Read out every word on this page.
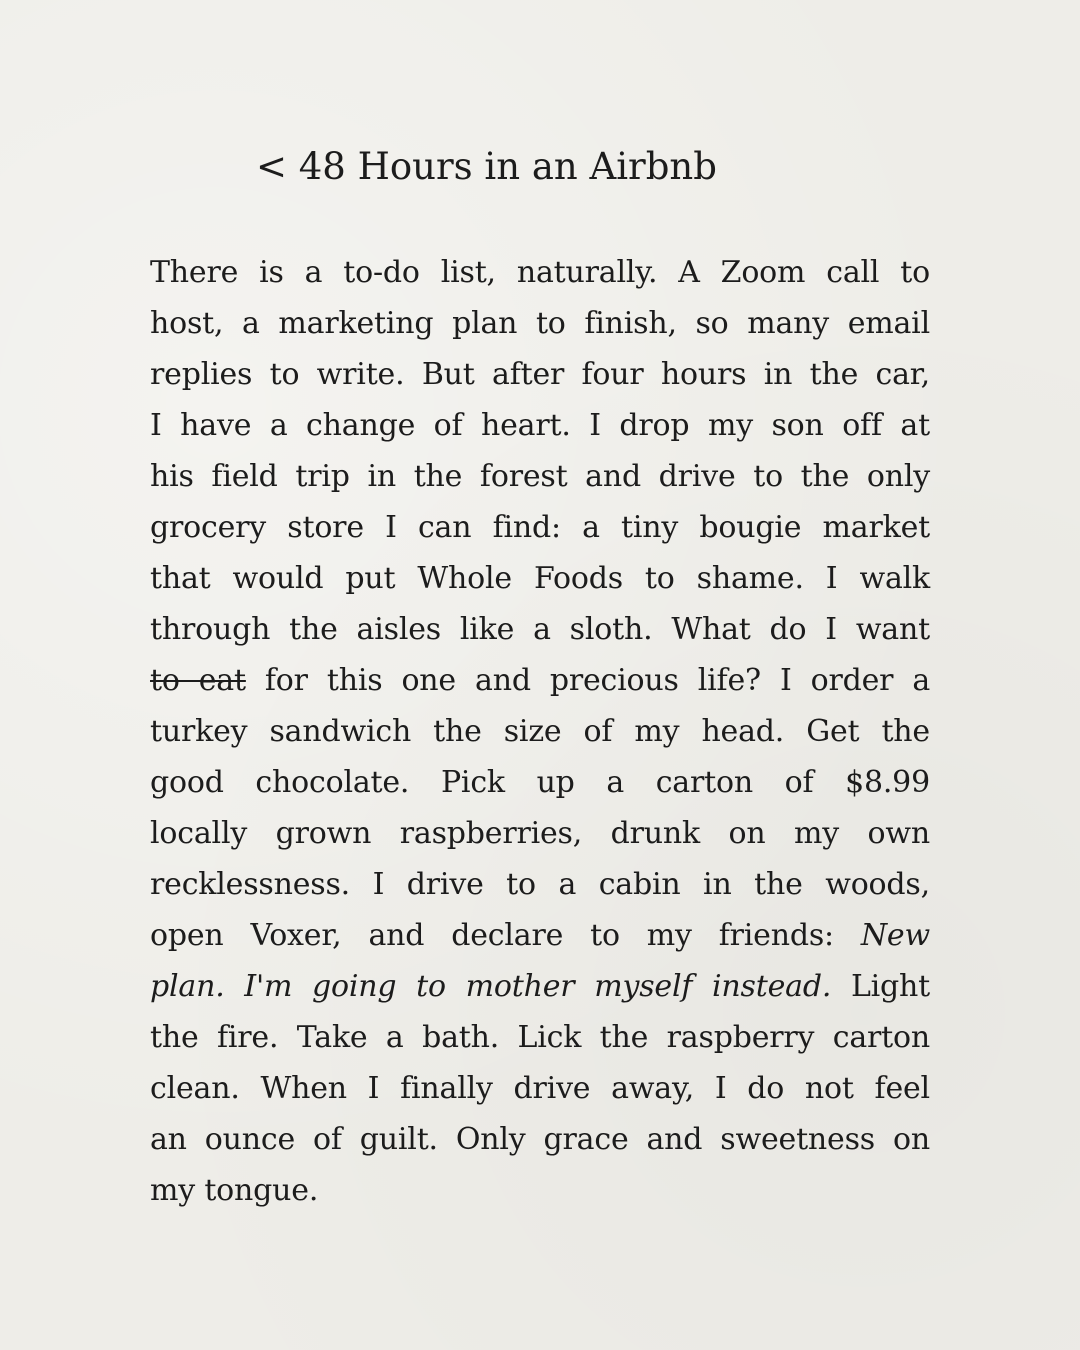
< 48 Hours in an Airbnb
There is a to-do list, naturally. A Zoom call to
host, a marketing plan to finish, so many email
replies to write. But after four hours in the car,
I have a change of heart. I drop my son off at
his field trip in the forest and drive to the only
grocery store I can find: a tiny bougie market
that would put Whole Foods to shame. I walk
through the aisles like a sloth. What do I want
to eat for this one and precious life? I order a
turkey sandwich the size of my head. Get the
good chocolate. Pick up a carton of $8.99
locally grown raspberries, drunk on my own
recklessness. I drive to a cabin in the woods,
open Voxer, and declare to my friends: New
plan. I'm going to mother myself instead. Light
the fire. Take a bath. Lick the raspberry carton
clean. When I finally drive away, I do not feel
an ounce of guilt. Only grace and sweetness on
my tongue.
